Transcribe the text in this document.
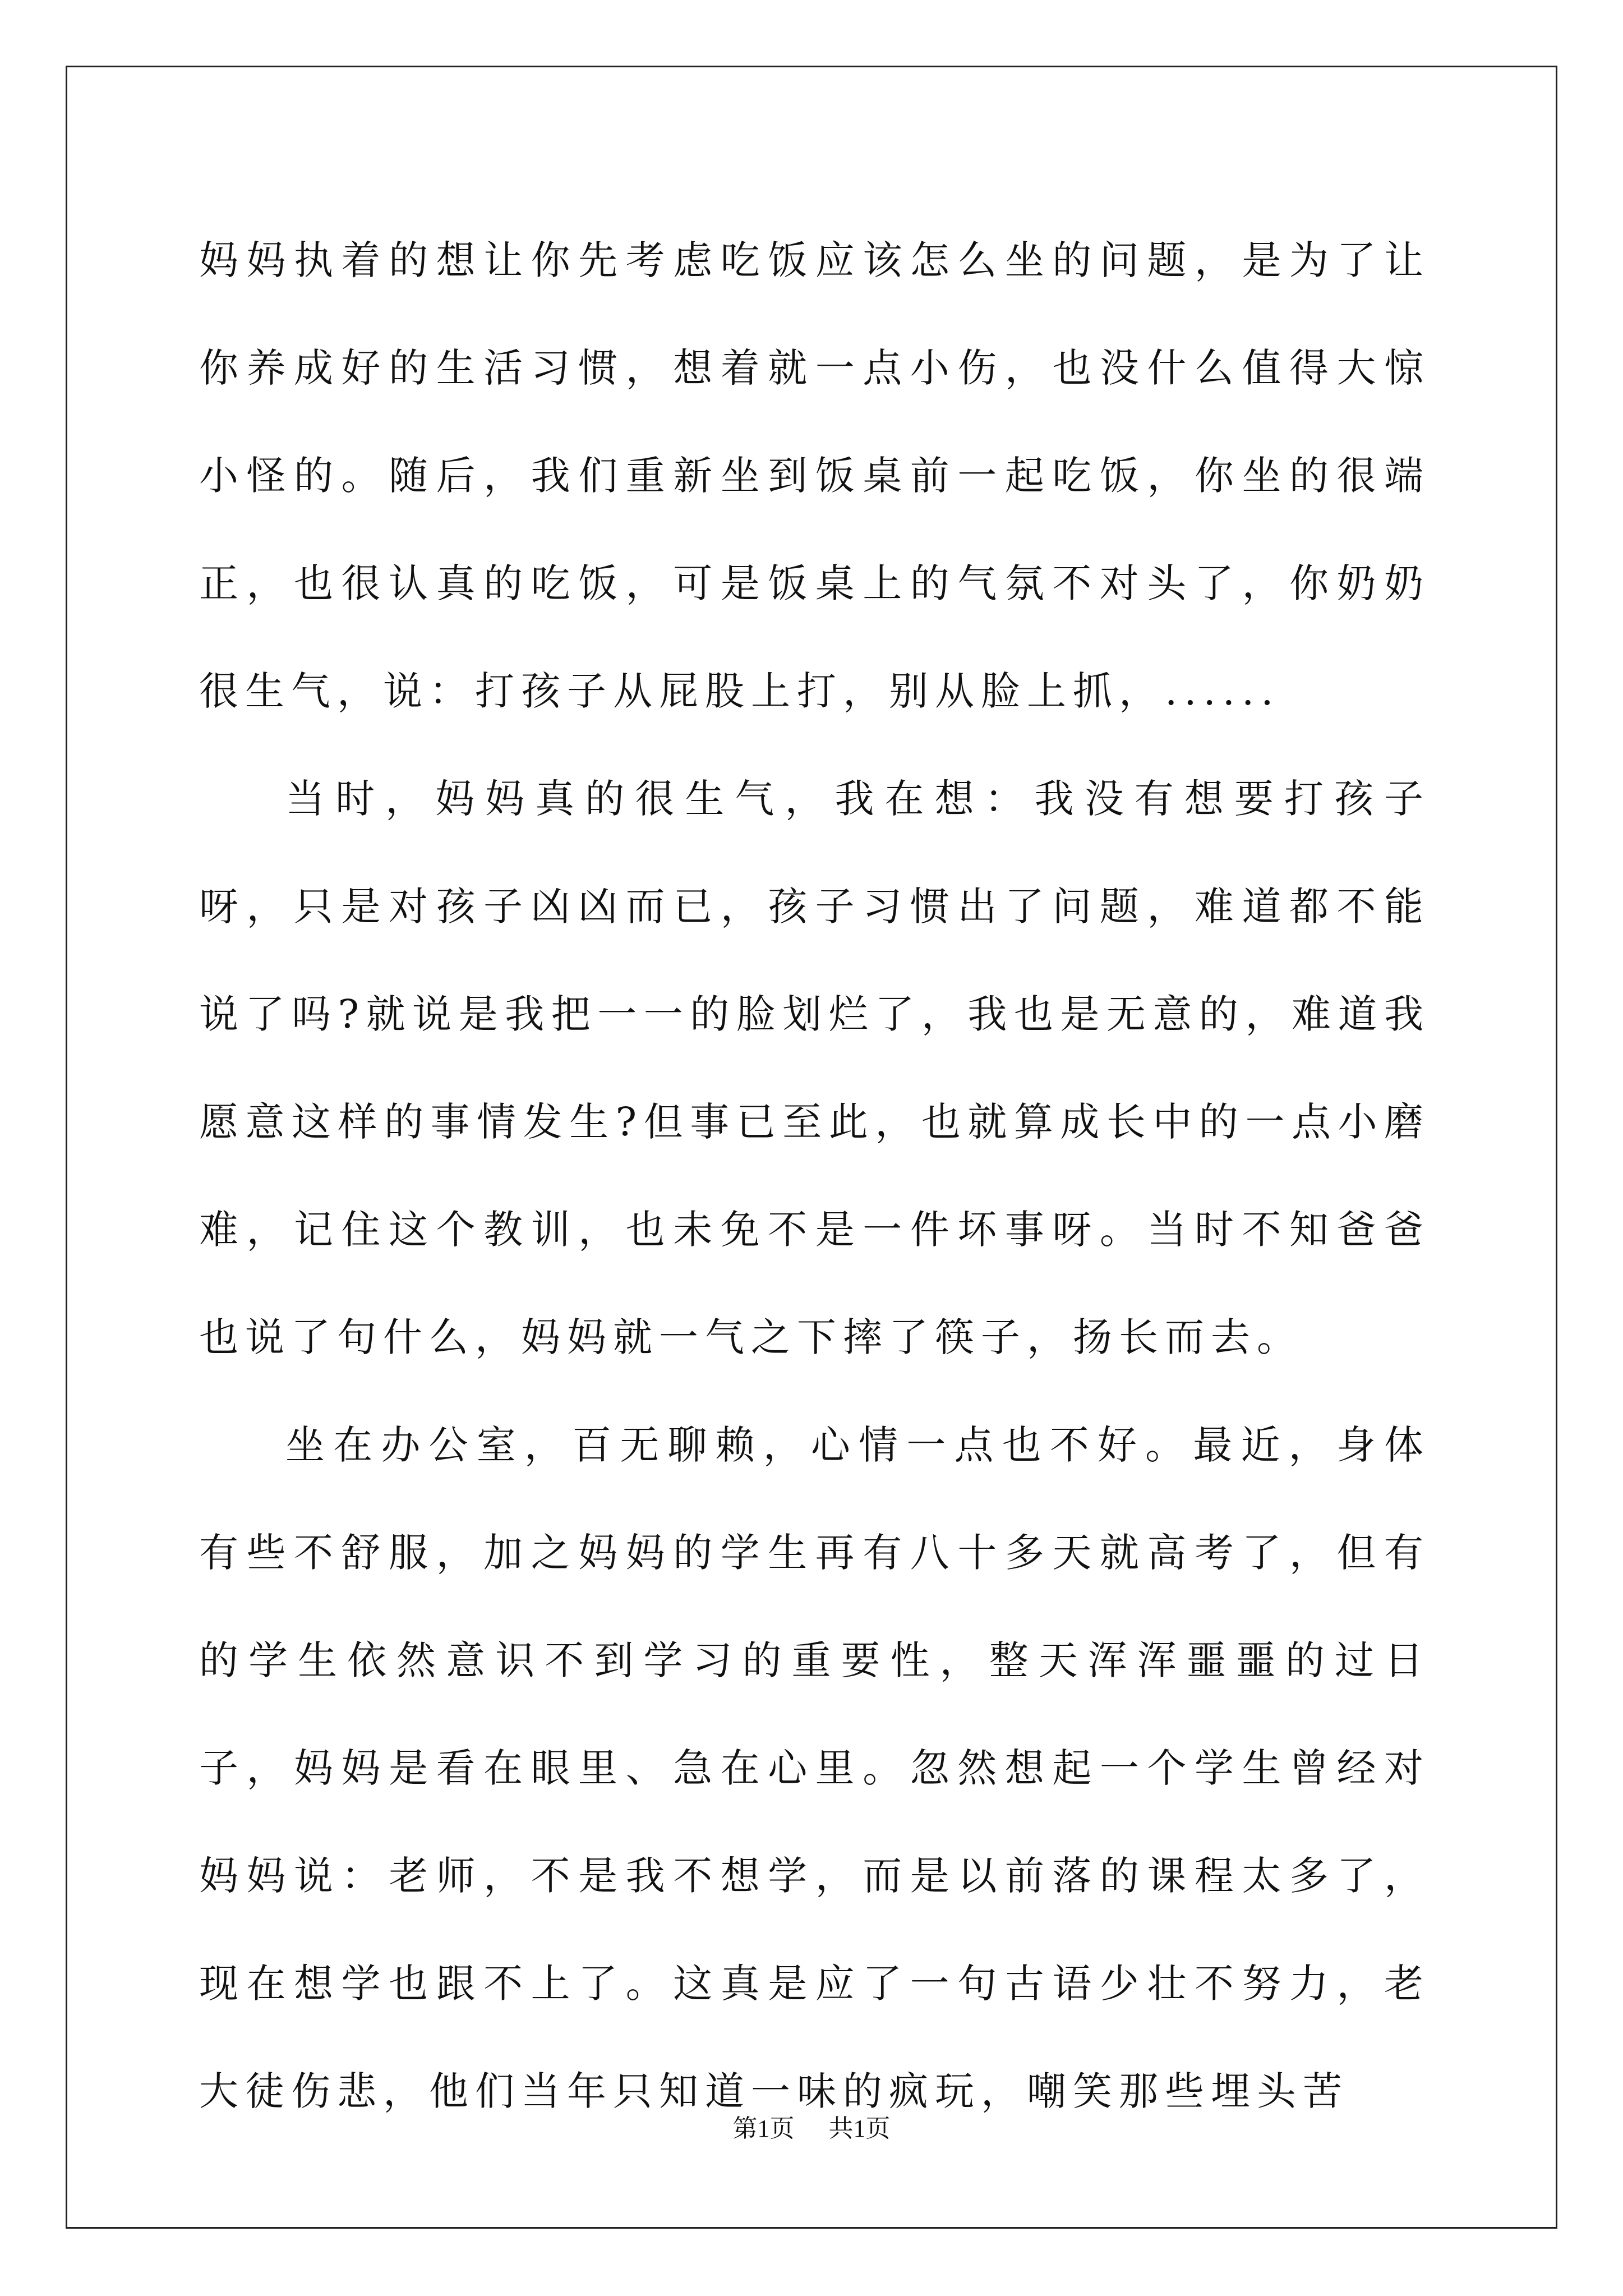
妈妈执着的想让你先考虑吃饭应该怎么坐的问题，是为了让你养成好的生活习惯，想着就一点小伤，也没什么值得大惊小怪的。随后，我们重新坐到饭桌前一起吃饭，你坐的很端正，也很认真的吃饭，可是饭桌上的气氛不对头了，你奶奶很生气，说：打孩子从屁股上打，别从脸上抓，......

当时，妈妈真的很生气，我在想：我没有想要打孩子呀，只是对孩子凶凶而已，孩子习惯出了问题，难道都不能说了吗?就说是我把一一的脸划烂了，我也是无意的，难道我愿意这样的事情发生?但事已至此，也就算成长中的一点小磨难，记住这个教训，也未免不是一件坏事呀。当时不知爸爸也说了句什么，妈妈就一气之下摔了筷子，扬长而去。

坐在办公室，百无聊赖，心情一点也不好。最近，身体有些不舒服，加之妈妈的学生再有八十多天就高考了，但有的学生依然意识不到学习的重要性，整天浑浑噩噩的过日子，妈妈是看在眼里、急在心里。忽然想起一个学生曾经对妈妈说：老师，不是我不想学，而是以前落的课程太多了，现在想学也跟不上了。这真是应了一句古语少壮不努力，老大徒伤悲，他们当年只知道一味的疯玩，嘲笑那些埋头苦

第1页 共1页
